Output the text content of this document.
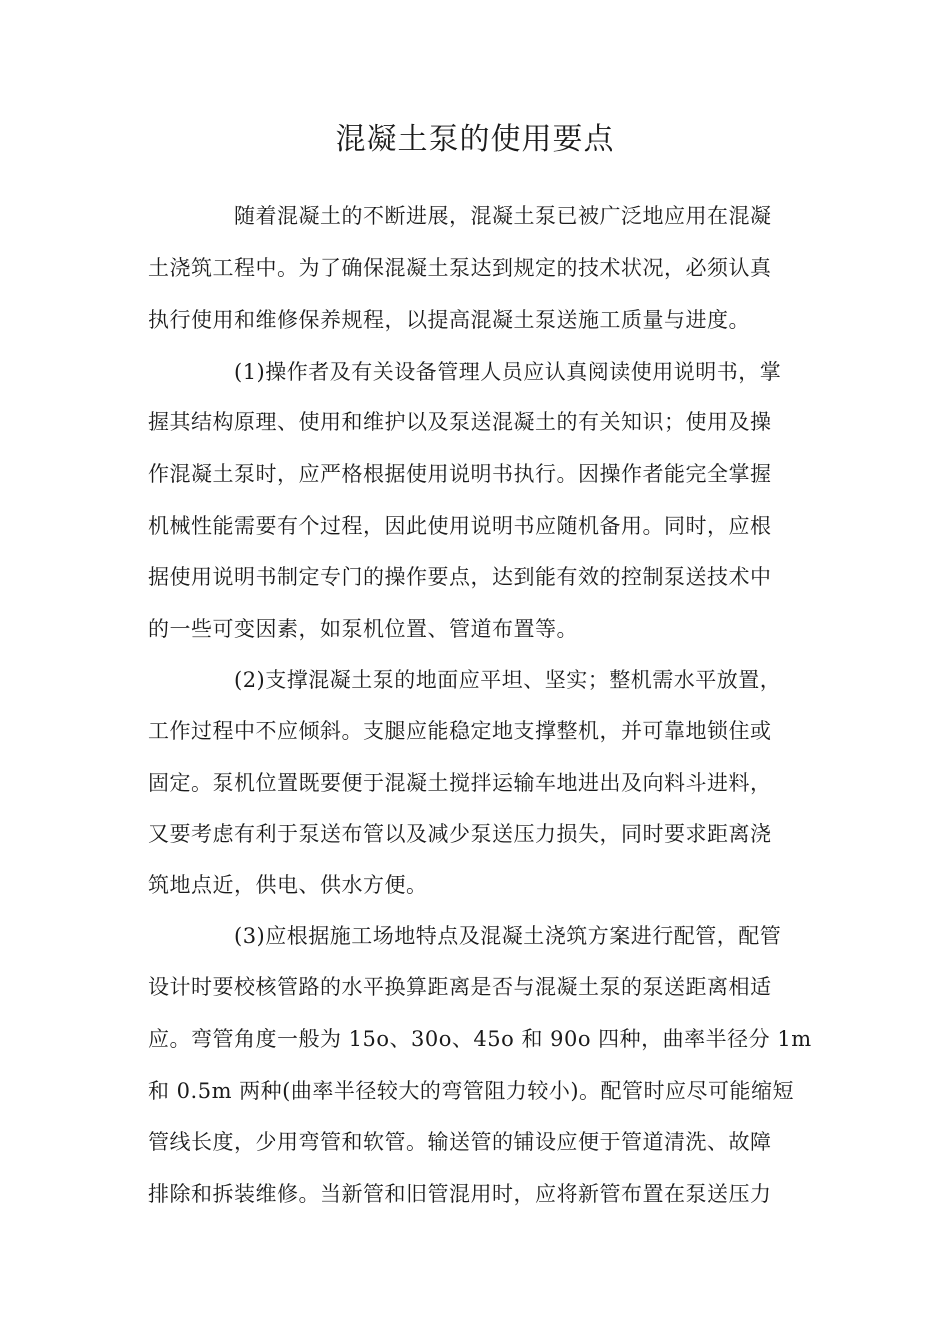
混凝土泵的使用要点
随着混凝土的不断进展，混凝土泵已被广泛地应用在混凝
土浇筑工程中。为了确保混凝土泵达到规定的技术状况，必须认真
执行使用和维修保养规程，以提高混凝土泵送施工质量与进度。
(1)操作者及有关设备管理人员应认真阅读使用说明书，掌
握其结构原理、使用和维护以及泵送混凝土的有关知识；使用及操
作混凝土泵时，应严格根据使用说明书执行。因操作者能完全掌握
机械性能需要有个过程，因此使用说明书应随机备用。同时，应根
据使用说明书制定专门的操作要点，达到能有效的控制泵送技术中
的一些可变因素，如泵机位置、管道布置等。
(2)支撑混凝土泵的地面应平坦、坚实；整机需水平放置，
工作过程中不应倾斜。支腿应能稳定地支撑整机，并可靠地锁住或
固定。泵机位置既要便于混凝土搅拌运输车地进出及向料斗进料，
又要考虑有利于泵送布管以及减少泵送压力损失，同时要求距离浇
筑地点近，供电、供水方便。
(3)应根据施工场地特点及混凝土浇筑方案进行配管，配管
设计时要校核管路的水平换算距离是否与混凝土泵的泵送距离相适
应。弯管角度一般为 15o、30o、45o 和 90o 四种，曲率半径分 1m
和 0.5m 两种(曲率半径较大的弯管阻力较小)。配管时应尽可能缩短
管线长度，少用弯管和软管。输送管的铺设应便于管道清洗、故障
排除和拆装维修。当新管和旧管混用时，应将新管布置在泵送压力
